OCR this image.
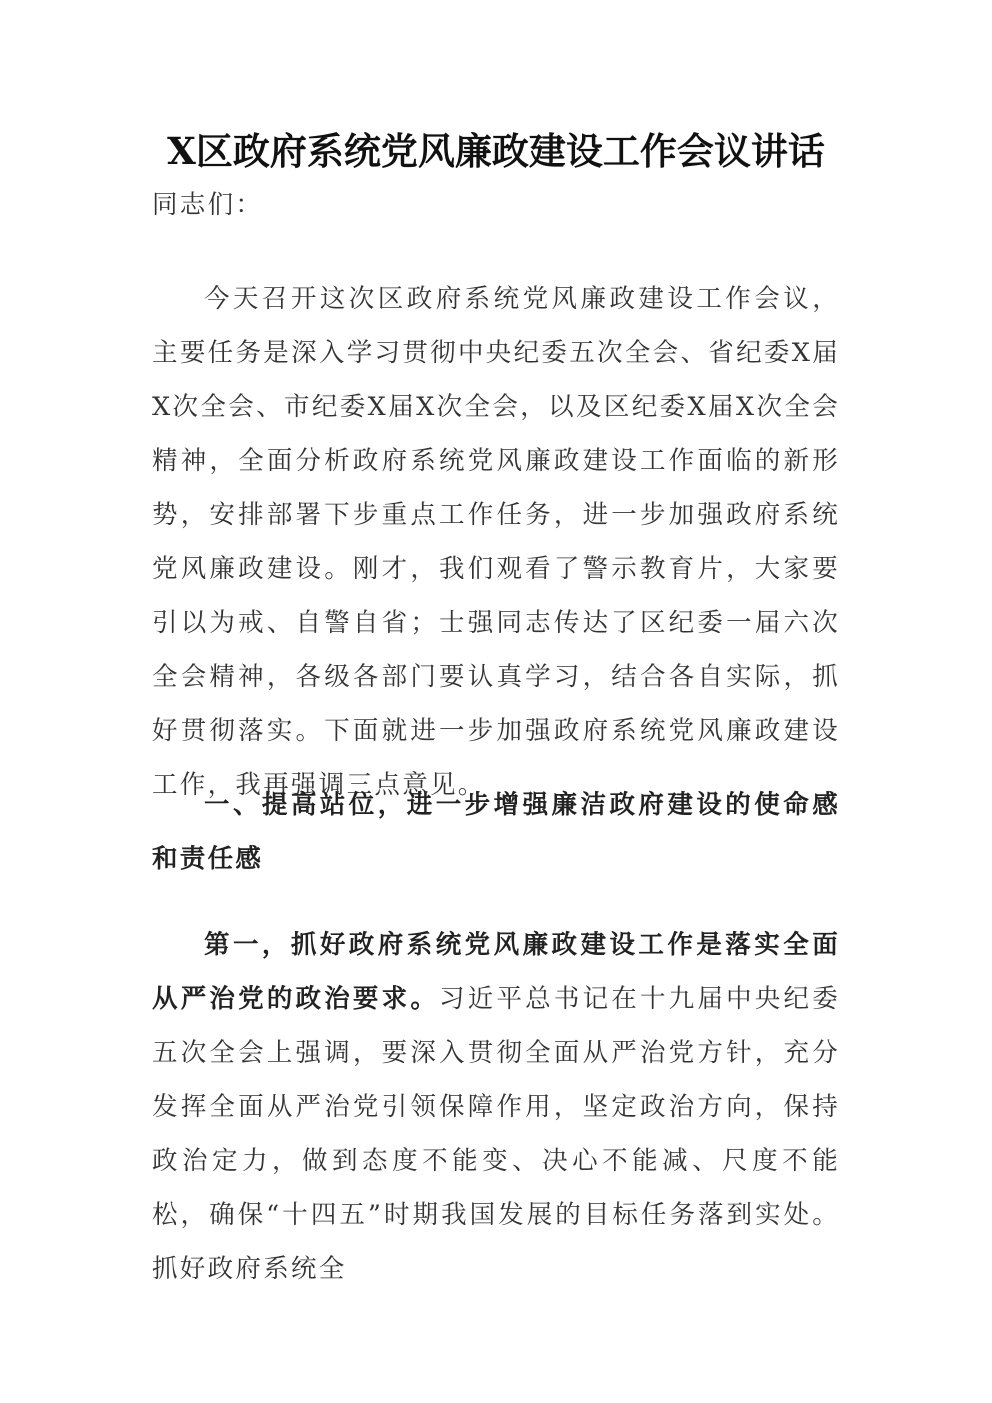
X区政府系统党风廉政建设工作会议讲话

同志们：

今天召开这次区政府系统党风廉政建设工作会议，主要任务是深入学习贯彻中央纪委五次全会、省纪委X届X次全会、市纪委X届X次全会，以及区纪委X届X次全会精神，全面分析政府系统党风廉政建设工作面临的新形势，安排部署下步重点工作任务，进一步加强政府系统党风廉政建设。刚才，我们观看了警示教育片，大家要引以为戒、自警自省；士强同志传达了区纪委一届六次全会精神，各级各部门要认真学习，结合各自实际，抓好贯彻落实。下面就进一步加强政府系统党风廉政建设工作，我再强调三点意见。

一、提高站位，进一步增强廉洁政府建设的使命感和责任感

第一，抓好政府系统党风廉政建设工作是落实全面从严治党的政治要求。习近平总书记在十九届中央纪委五次全会上强调，要深入贯彻全面从严治党方针，充分发挥全面从严治党引领保障作用，坚定政治方向，保持政治定力，做到态度不能变、决心不能减、尺度不能松，确保“十四五”时期我国发展的目标任务落到实处。抓好政府系统全
